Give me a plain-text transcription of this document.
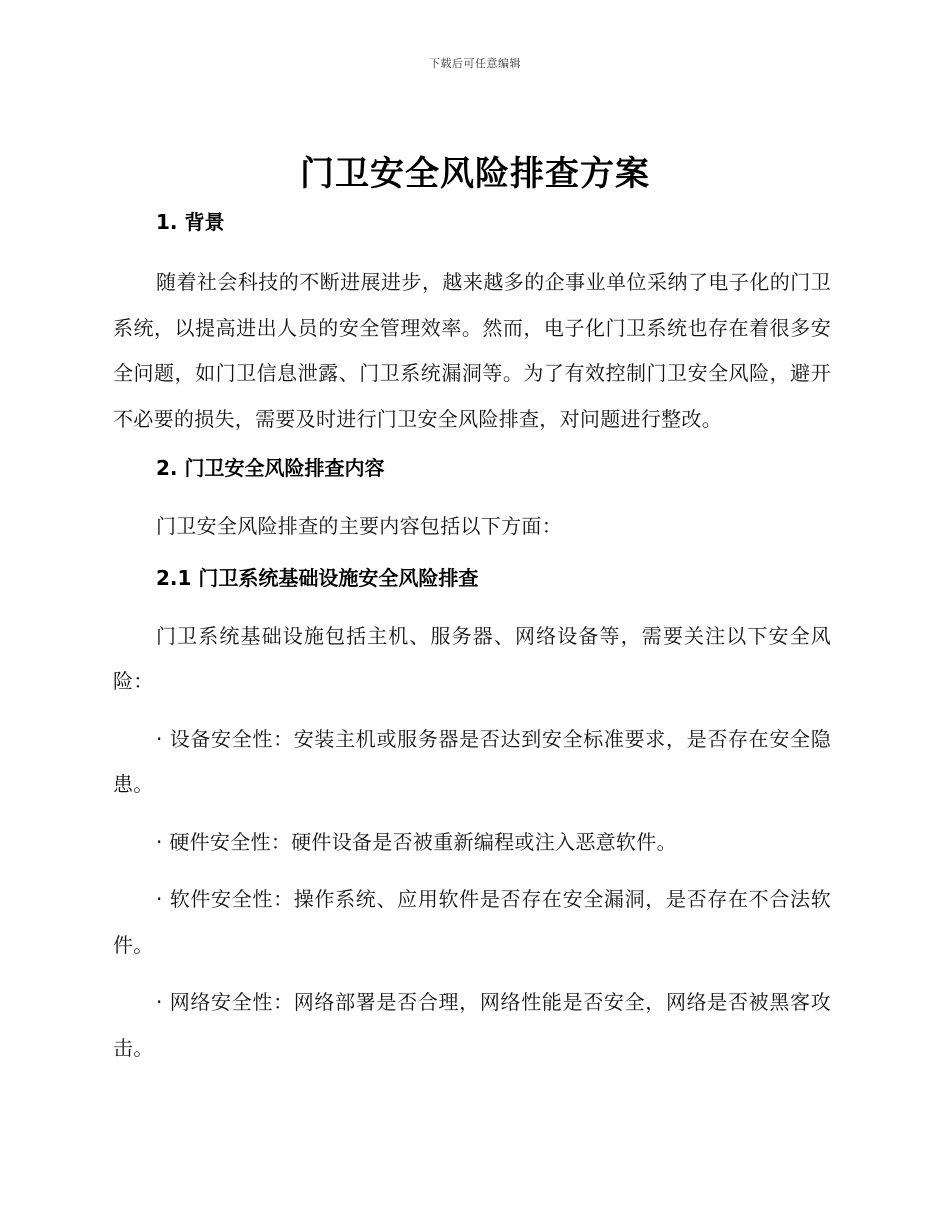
下载后可任意编辑
门卫安全风险排查方案

1. 背景

随着社会科技的不断进展进步，越来越多的企事业单位采纳了电子化的门卫系统，以提高进出人员的安全管理效率。然而，电子化门卫系统也存在着很多安全问题，如门卫信息泄露、门卫系统漏洞等。为了有效控制门卫安全风险，避开不必要的损失，需要及时进行门卫安全风险排查，对问题进行整改。

2. 门卫安全风险排查内容

门卫安全风险排查的主要内容包括以下方面：

2.1 门卫系统基础设施安全风险排查

门卫系统基础设施包括主机、服务器、网络设备等，需要关注以下安全风险：

· 设备安全性：安装主机或服务器是否达到安全标准要求，是否存在安全隐患。

· 硬件安全性：硬件设备是否被重新编程或注入恶意软件。

· 软件安全性：操作系统、应用软件是否存在安全漏洞，是否存在不合法软件。

· 网络安全性：网络部署是否合理，网络性能是否安全，网络是否被黑客攻击。
